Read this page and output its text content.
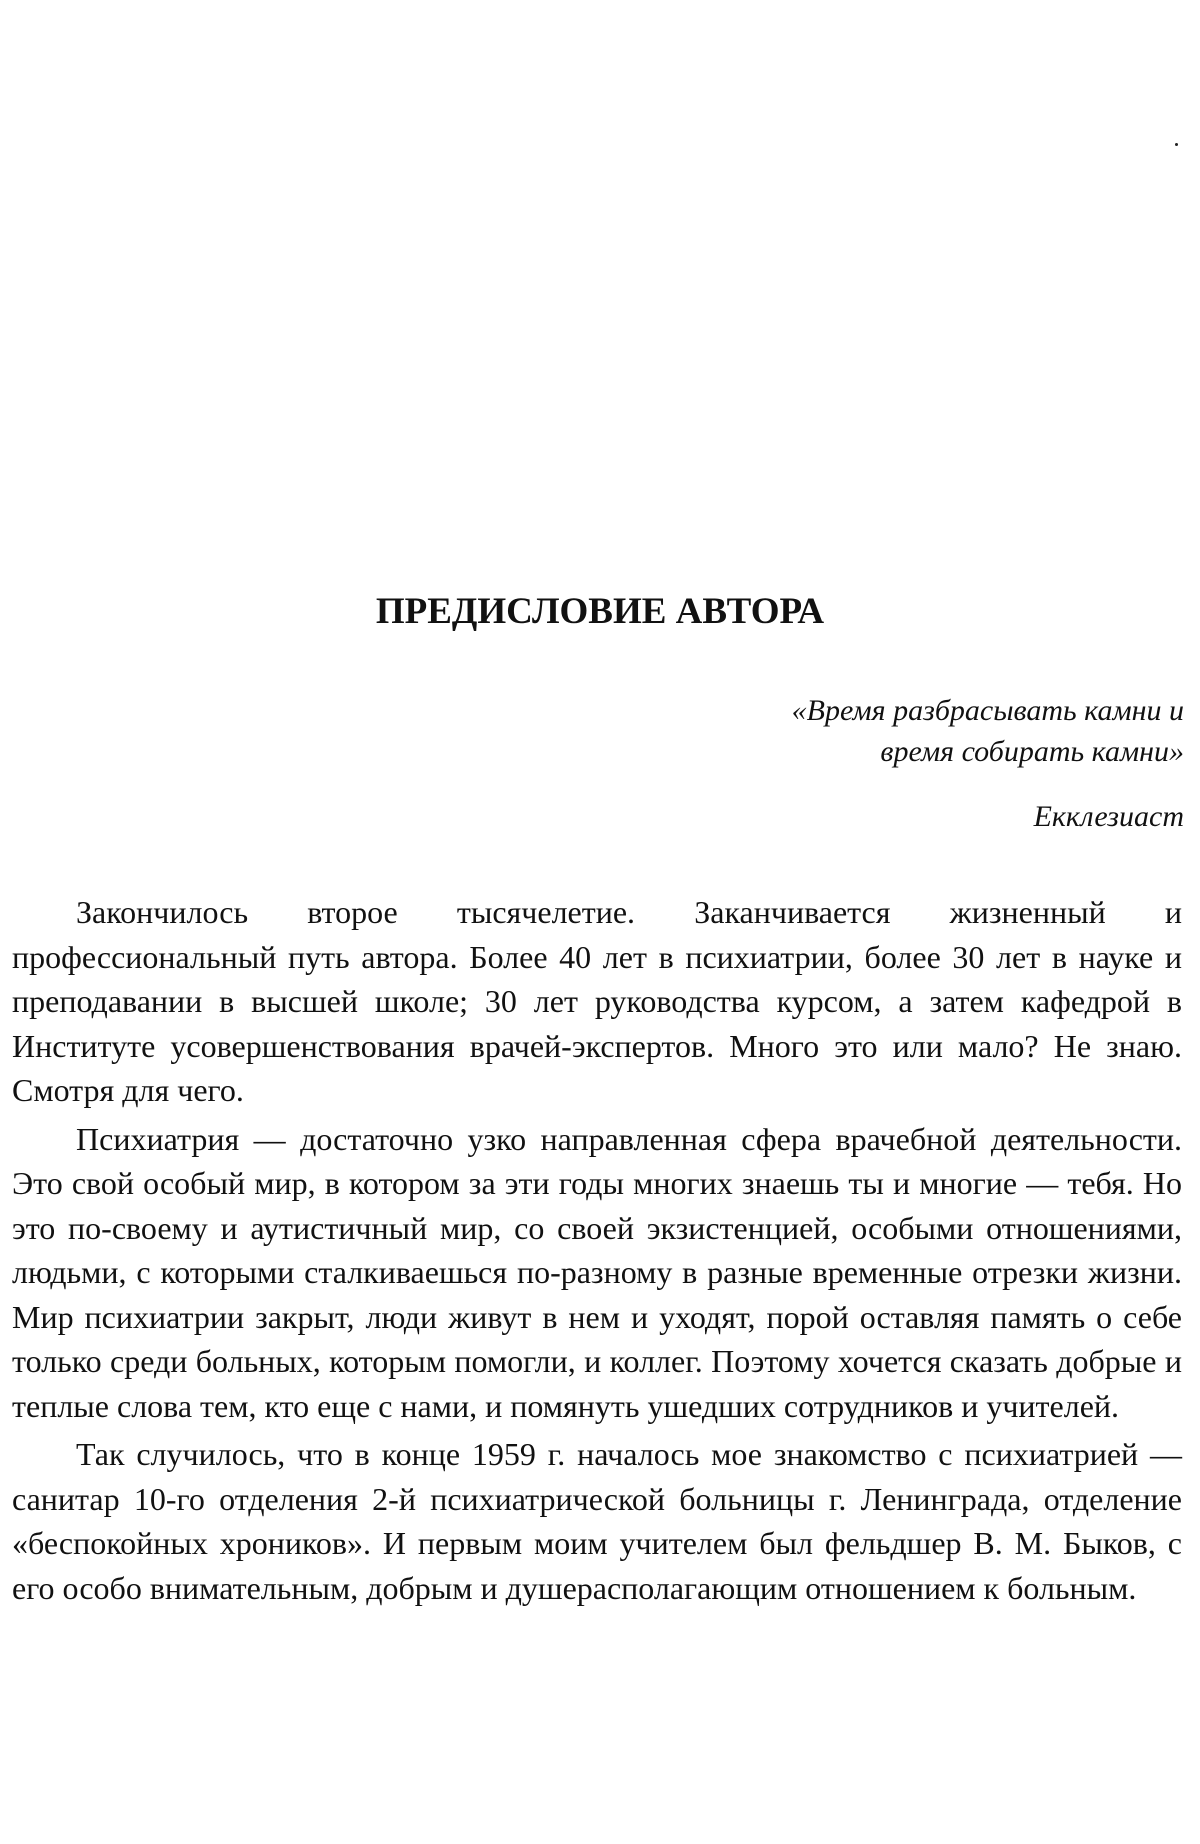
ПРЕДИСЛОВИЕ АВТОРА
«Время разбрасывать камни и
время собирать камни»
Екклезиаст

Закончилось второе тысячелетие. Заканчивается жизненный и профессиональный путь автора. Более 40 лет в психиатрии, более 30 лет в науке и преподавании в высшей школе; 30 лет руководства курсом, а затем кафедрой в Институте усовершенствования врачей-экспертов. Много это или мало? Не знаю. Смотря для чего.

Психиатрия — достаточно узко направленная сфера врачебной деятельности. Это свой особый мир, в котором за эти годы многих знаешь ты и многие — тебя. Но это по-своему и аутистичный мир, со своей экзистенцией, особыми отношениями, людьми, с которыми сталкиваешься по-разному в разные временные отрезки жизни. Мир психиатрии закрыт, люди живут в нем и уходят, порой оставляя память о себе только среди больных, которым помогли, и коллег. Поэтому хочется сказать добрые и теплые слова тем, кто еще с нами, и помянуть ушедших сотрудников и учителей.

Так случилось, что в конце 1959 г. началось мое знакомство с психиатрией — санитар 10-го отделения 2-й психиатрической больницы г. Ленинграда, отделение «беспокойных хроников». И первым моим учителем был фельдшер В. М. Быков, с его особо внимательным, добрым и душерасполагающим отношением к больным.
